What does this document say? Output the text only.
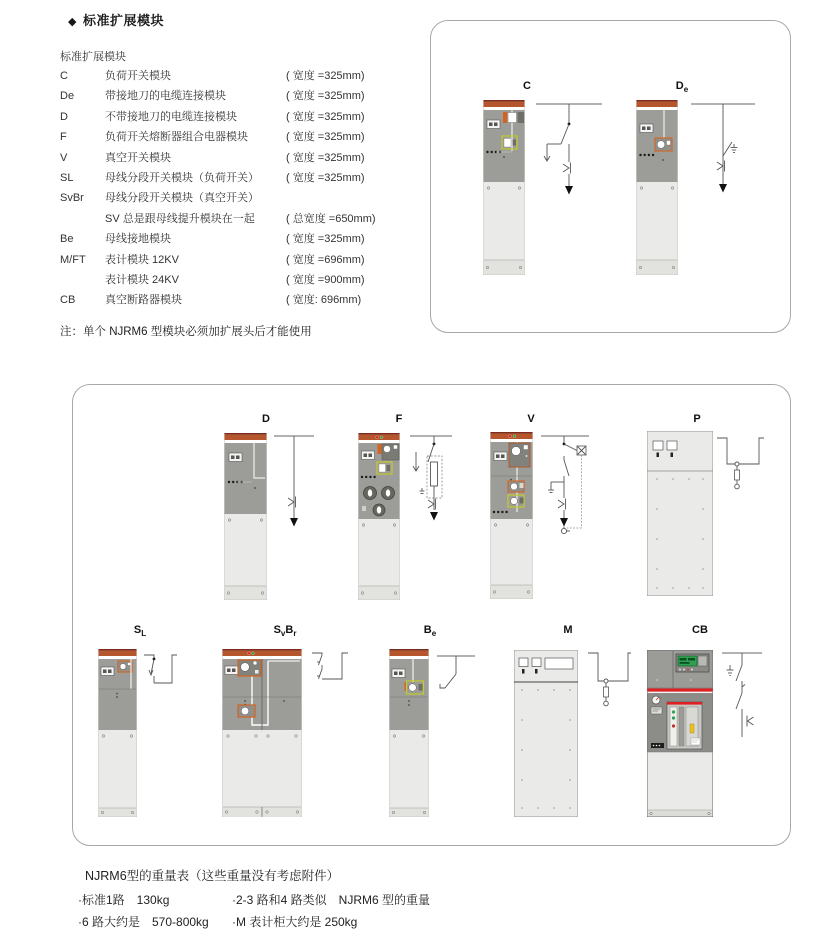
◆ 标准扩展模块
标准扩展模块
C	负荷开关模块	( 宽度 =325mm)
De	带接地刀的电缆连接模块	( 宽度 =325mm)
D	不带接地刀的电缆连接模块	( 宽度 =325mm)
F	负荷开关熔断器组合电器模块	( 宽度 =325mm)
V	真空开关模块	( 宽度 =325mm)
SL	母线分段开关模块（负荷开关）	( 宽度 =325mm)
SvBr	母线分段开关模块（真空开关）
SV 总是跟母线提升模块在一起	( 总宽度 =650mm)
Be	母线接地模块	( 宽度 =325mm)
M/FT	表计模块 12KV	( 宽度 =696mm)
表计模块 24KV	( 宽度 =900mm)
CB	真空断路器模块	( 宽度: 696mm)
注：单个 NJRM6 型模块必须加扩展头后才能使用
C	$D_e$
D	F	V	P
$S_L$	$S_vB_r$	$B_e$	M	CB
NJRM6型的重量表（这些重量没有考虑附件）
·标准1路　130kg	·2-3 路和4 路类似　NJRM6 型的重量
·6 路大约是　570-800kg	·M 表计柜大约是 250kg
